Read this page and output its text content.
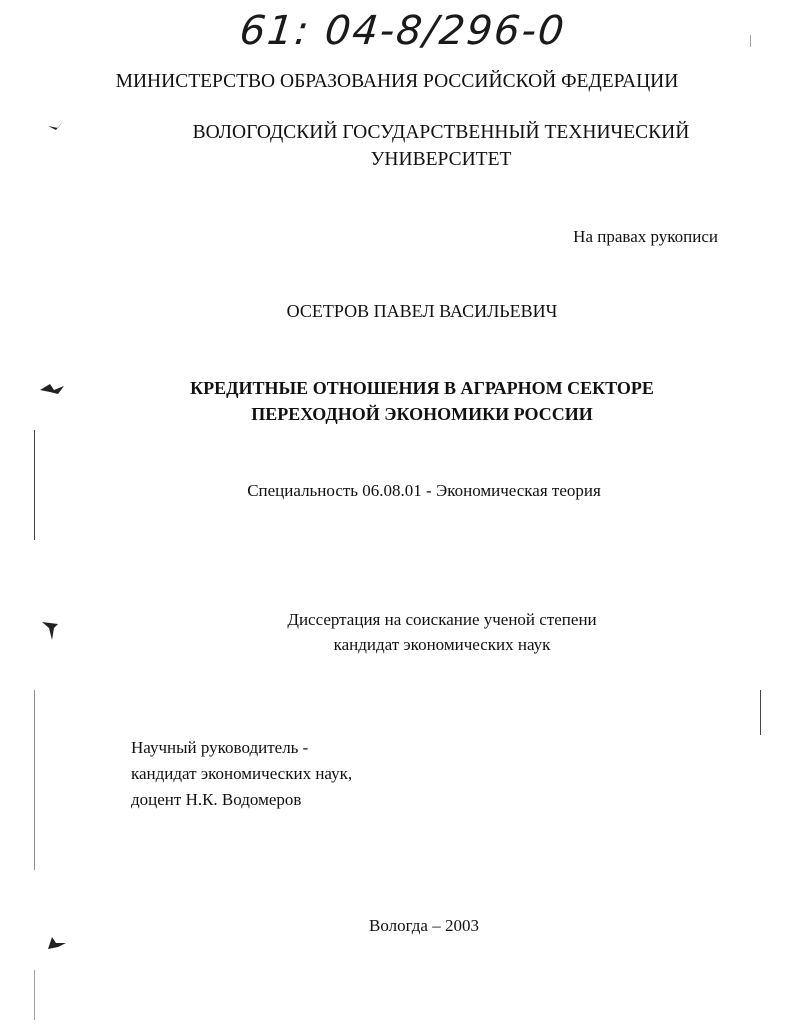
61: 04-8/296-0
МИНИСТЕРСТВО ОБРАЗОВАНИЯ РОССИЙСКОЙ ФЕДЕРАЦИИ
ВОЛОГОДСКИЙ ГОСУДАРСТВЕННЫЙ ТЕХНИЧЕСКИЙ
УНИВЕРСИТЕТ
На правах рукописи
ОСЕТРОВ ПАВЕЛ ВАСИЛЬЕВИЧ
КРЕДИТНЫЕ ОТНОШЕНИЯ В АГРАРНОМ СЕКТОРЕ
ПЕРЕХОДНОЙ ЭКОНОМИКИ РОССИИ
Специальность 06.08.01 - Экономическая теория
Диссертация на соискание ученой степени
кандидат экономических наук
Научный руководитель -
кандидат экономических наук,
доцент Н.К. Водомеров
Вологда – 2003
